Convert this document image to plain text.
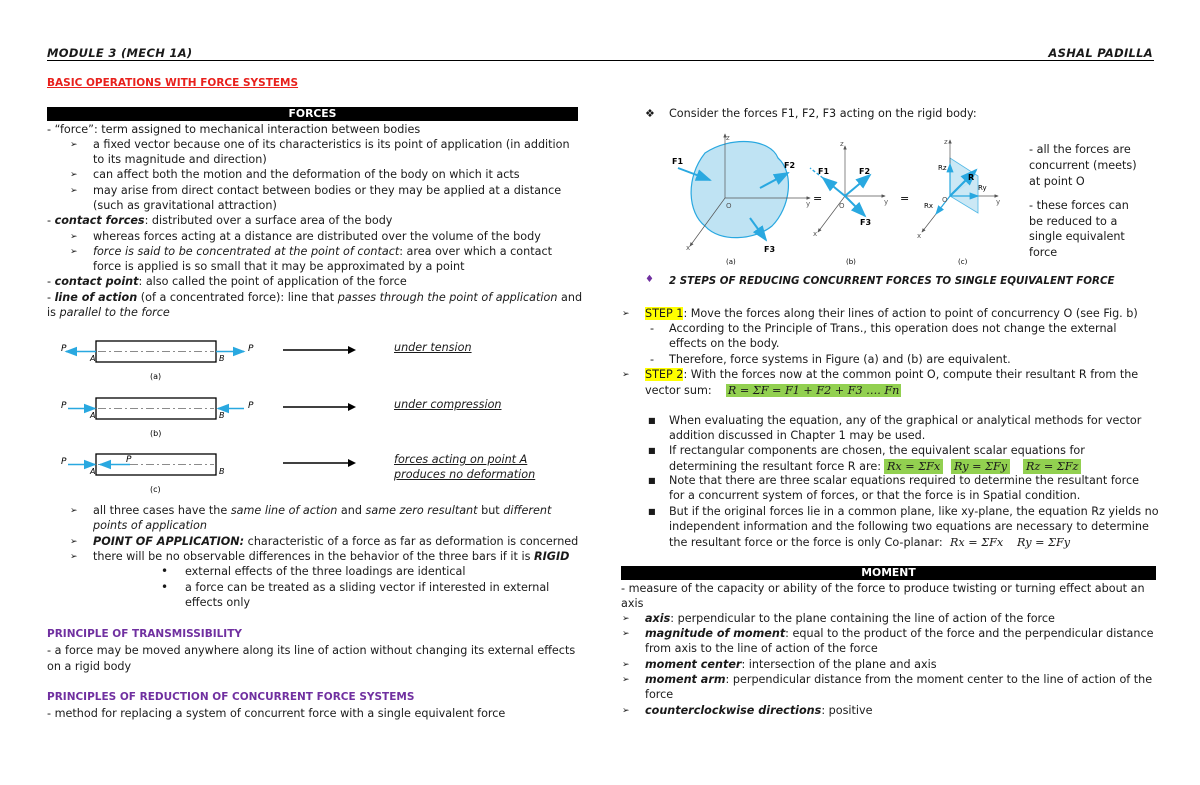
MODULE 3 (MECH 1A)	ASHAL PADILLA
BASIC OPERATIONS WITH FORCE SYSTEMS
FORCES
- “force”: term assigned to mechanical interaction between bodies
➢ a fixed vector because one of its characteristics is its point of application (in addition
to its magnitude and direction)
➢ can affect both the motion and the deformation of the body on which it acts
➢ may arise from direct contact between bodies or they may be applied at a distance
(such as gravitational attraction)
- contact forces: distributed over a surface area of the body
➢ whereas forces acting at a distance are distributed over the volume of the body
➢ force is said to be concentrated at the point of contact: area over which a contact
force is applied is so small that it may be approximated by a point
- contact point: also called the point of application of the force
- line of action (of a concentrated force): line that passes through the point of application and
is parallel to the force
P	P
A	B
(a)
P	P
A	B
(b)
P	P
A	B
(c)
under tension
under compression
forces acting on point A
produces no deformation
➢ all three cases have the same line of action and same zero resultant but different
points of application
➢ POINT OF APPLICATION: characteristic of a force as far as deformation is concerned
➢ there will be no observable differences in the behavior of the three bars if it is RIGID
• external effects of the three loadings are identical
• a force can be treated as a sliding vector if interested in external
effects only
PRINCIPLE OF TRANSMISSIBILITY
- a force may be moved anywhere along its line of action without changing its external effects
on a rigid body
PRINCIPLES OF REDUCTION OF CONCURRENT FORCE SYSTEMS
- method for replacing a system of concurrent force with a single equivalent force
❖ Consider the forces F1, F2, F3 acting on the rigid body:
F1	F2
F3
z
y
x
O
(a)
=
F1	F2
F3
z
y
x
O
(b)
=
R
Rz
Ry
Rx
z
y
x
O
(c)
- all the forces are
concurrent (meets)
at point O
- these forces can
be reduced to a
single equivalent
force
♦ 2 STEPS OF REDUCING CONCURRENT FORCES TO SINGLE EQUIVALENT FORCE
➢ STEP 1: Move the forces along their lines of action to point of concurrency O (see Fig. b)
- According to the Principle of Trans., this operation does not change the external
effects on the body.
- Therefore, force systems in Figure (a) and (b) are equivalent.
➢ STEP 2: With the forces now at the common point O, compute their resultant R from the
vector sum: R = ΣF = F1 + F2 + F3 …. Fn
■ When evaluating the equation, any of the graphical or analytical methods for vector
addition discussed in Chapter 1 may be used.
■ If rectangular components are chosen, the equivalent scalar equations for
determining the resultant force R are: Rx = ΣFx Ry = ΣFy Rz = ΣFz
■ Note that there are three scalar equations required to determine the resultant force
for a concurrent system of forces, or that the force is in Spatial condition.
■ But if the original forces lie in a common plane, like xy-plane, the equation Rz yields no
independent information and the following two equations are necessary to determine
the resultant force or the force is only Co-planar: Rx = ΣFx Ry = ΣFy
MOMENT
- measure of the capacity or ability of the force to produce twisting or turning effect about an
axis
➢ axis: perpendicular to the plane containing the line of action of the force
➢ magnitude of moment: equal to the product of the force and the perpendicular distance
from axis to the line of action of the force
➢ moment center: intersection of the plane and axis
➢ moment arm: perpendicular distance from the moment center to the line of action of the
force
➢ counterclockwise directions: positive
